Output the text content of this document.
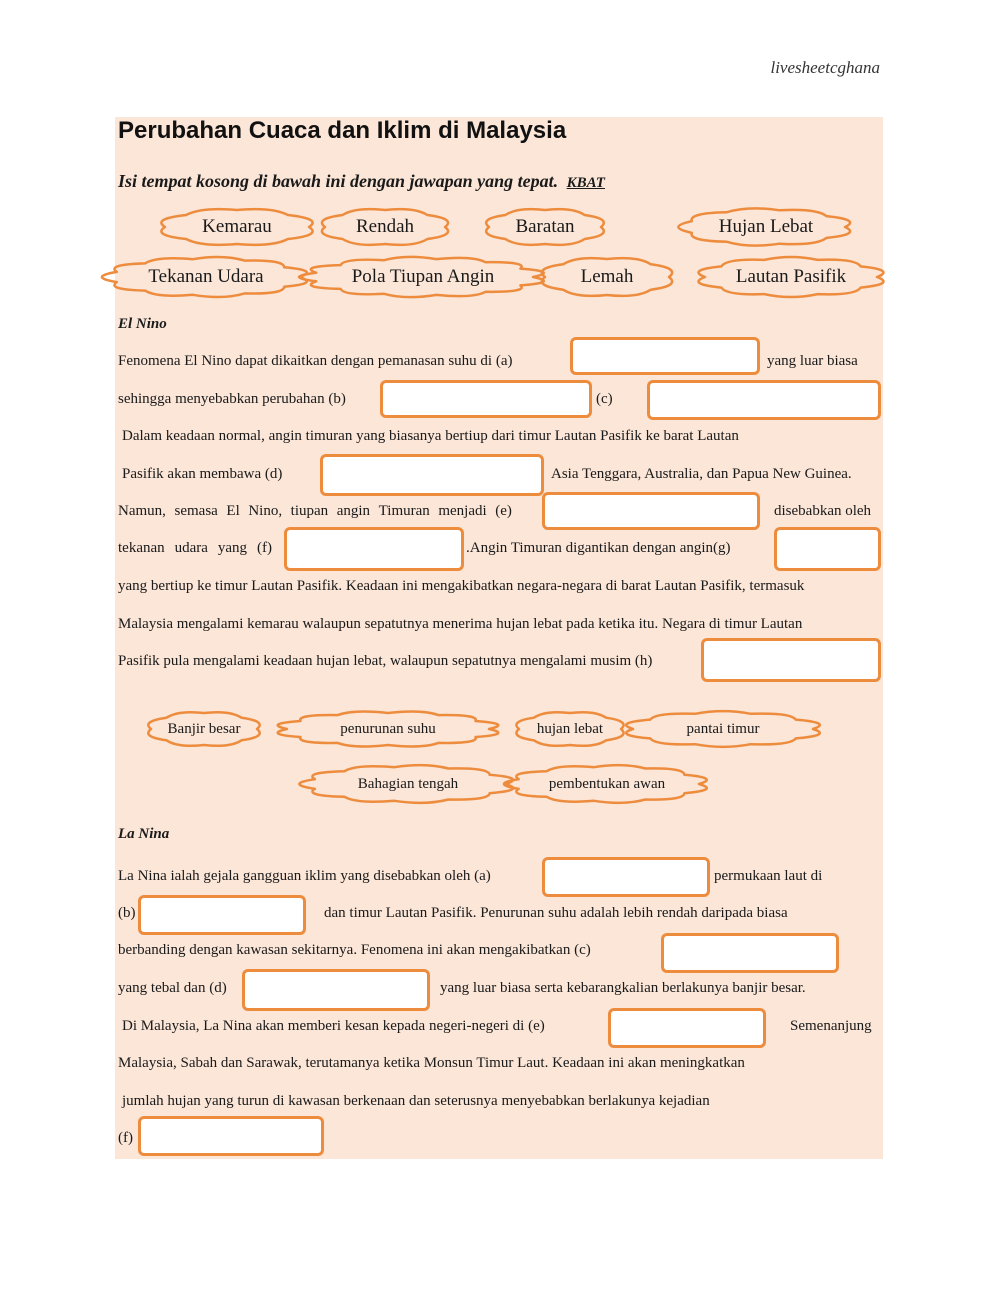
livesheetcghana
Perubahan Cuaca dan Iklim di Malaysia
Isi tempat kosong di bawah ini dengan jawapan yang tepat. KBAT
Kemarau	Rendah	Baratan	Hujan Lebat
Tekanan Udara	Pola Tiupan Angin	Lemah	Lautan Pasifik
El Nino
Fenomena El Nino dapat dikaitkan dengan pemanasan suhu di (a)	yang luar biasa
sehingga menyebabkan perubahan (b)	(c)
Dalam keadaan normal, angin timuran yang biasanya bertiup dari timur Lautan Pasifik ke barat Lautan
Pasifik akan membawa (d)	Asia Tenggara, Australia, dan Papua New Guinea.
Namun, semasa El Nino, tiupan angin Timuran menjadi (e)	disebabkan oleh
tekanan udara yang (f)	.Angin Timuran digantikan dengan angin(g)
yang bertiup ke timur Lautan Pasifik. Keadaan ini mengakibatkan negara-negara di barat Lautan Pasifik, termasuk
Malaysia mengalami kemarau walaupun sepatutnya menerima hujan lebat pada ketika itu. Negara di timur Lautan
Pasifik pula mengalami keadaan hujan lebat, walaupun sepatutnya mengalami musim (h)
Banjir besar	penurunan suhu	hujan lebat	pantai timur
Bahagian tengah	pembentukan awan
La Nina
La Nina ialah gejala gangguan iklim yang disebabkan oleh (a)	permukaan laut di
(b)	dan timur Lautan Pasifik. Penurunan suhu adalah lebih rendah daripada biasa
berbanding dengan kawasan sekitarnya. Fenomena ini akan mengakibatkan (c)
yang tebal dan (d)	yang luar biasa serta kebarangkalian berlakunya banjir besar.
Di Malaysia, La Nina akan memberi kesan kepada negeri-negeri di (e)	Semenanjung
Malaysia, Sabah dan Sarawak, terutamanya ketika Monsun Timur Laut. Keadaan ini akan meningkatkan
jumlah hujan yang turun di kawasan berkenaan dan seterusnya menyebabkan berlakunya kejadian
(f)
